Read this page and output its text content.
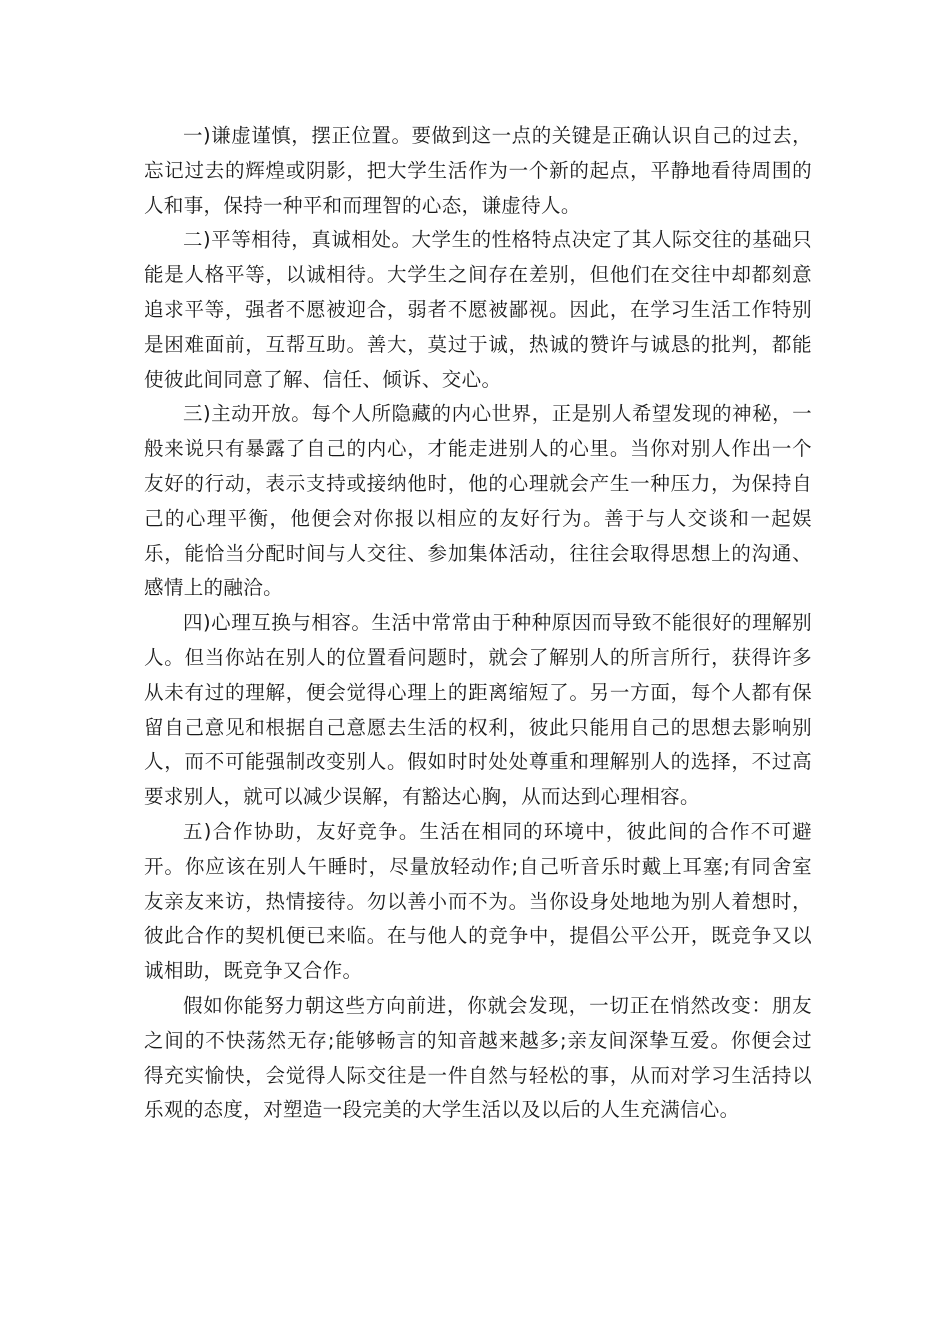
一)谦虚谨慎，摆正位置。要做到这一点的关键是正确认识自己的过去，忘记过去的辉煌或阴影，把大学生活作为一个新的起点，平静地看待周围的人和事，保持一种平和而理智的心态，谦虚待人。

二)平等相待，真诚相处。大学生的性格特点决定了其人际交往的基础只能是人格平等，以诚相待。大学生之间存在差别，但他们在交往中却都刻意追求平等，强者不愿被迎合，弱者不愿被鄙视。因此，在学习生活工作特别是困难面前，互帮互助。善大，莫过于诚，热诚的赞许与诚恳的批判，都能使彼此间同意了解、信任、倾诉、交心。

三)主动开放。每个人所隐藏的内心世界，正是别人希望发现的神秘，一般来说只有暴露了自己的内心，才能走进别人的心里。当你对别人作出一个友好的行动，表示支持或接纳他时，他的心理就会产生一种压力，为保持自己的心理平衡，他便会对你报以相应的友好行为。善于与人交谈和一起娱乐，能恰当分配时间与人交往、参加集体活动，往往会取得思想上的沟通、感情上的融洽。

四)心理互换与相容。生活中常常由于种种原因而导致不能很好的理解别人。但当你站在别人的位置看问题时，就会了解别人的所言所行，获得许多从未有过的理解，便会觉得心理上的距离缩短了。另一方面，每个人都有保留自己意见和根据自己意愿去生活的权利，彼此只能用自己的思想去影响别人，而不可能强制改变别人。假如时时处处尊重和理解别人的选择，不过高要求别人，就可以减少误解，有豁达心胸，从而达到心理相容。

五)合作协助，友好竞争。生活在相同的环境中，彼此间的合作不可避开。你应该在别人午睡时，尽量放轻动作;自己听音乐时戴上耳塞;有同舍室友亲友来访，热情接待。勿以善小而不为。当你设身处地地为别人着想时，彼此合作的契机便已来临。在与他人的竞争中，提倡公平公开，既竞争又以诚相助，既竞争又合作。

假如你能努力朝这些方向前进，你就会发现，一切正在悄然改变：朋友之间的不快荡然无存;能够畅言的知音越来越多;亲友间深挚互爱。你便会过得充实愉快，会觉得人际交往是一件自然与轻松的事，从而对学习生活持以乐观的态度，对塑造一段完美的大学生活以及以后的人生充满信心。
